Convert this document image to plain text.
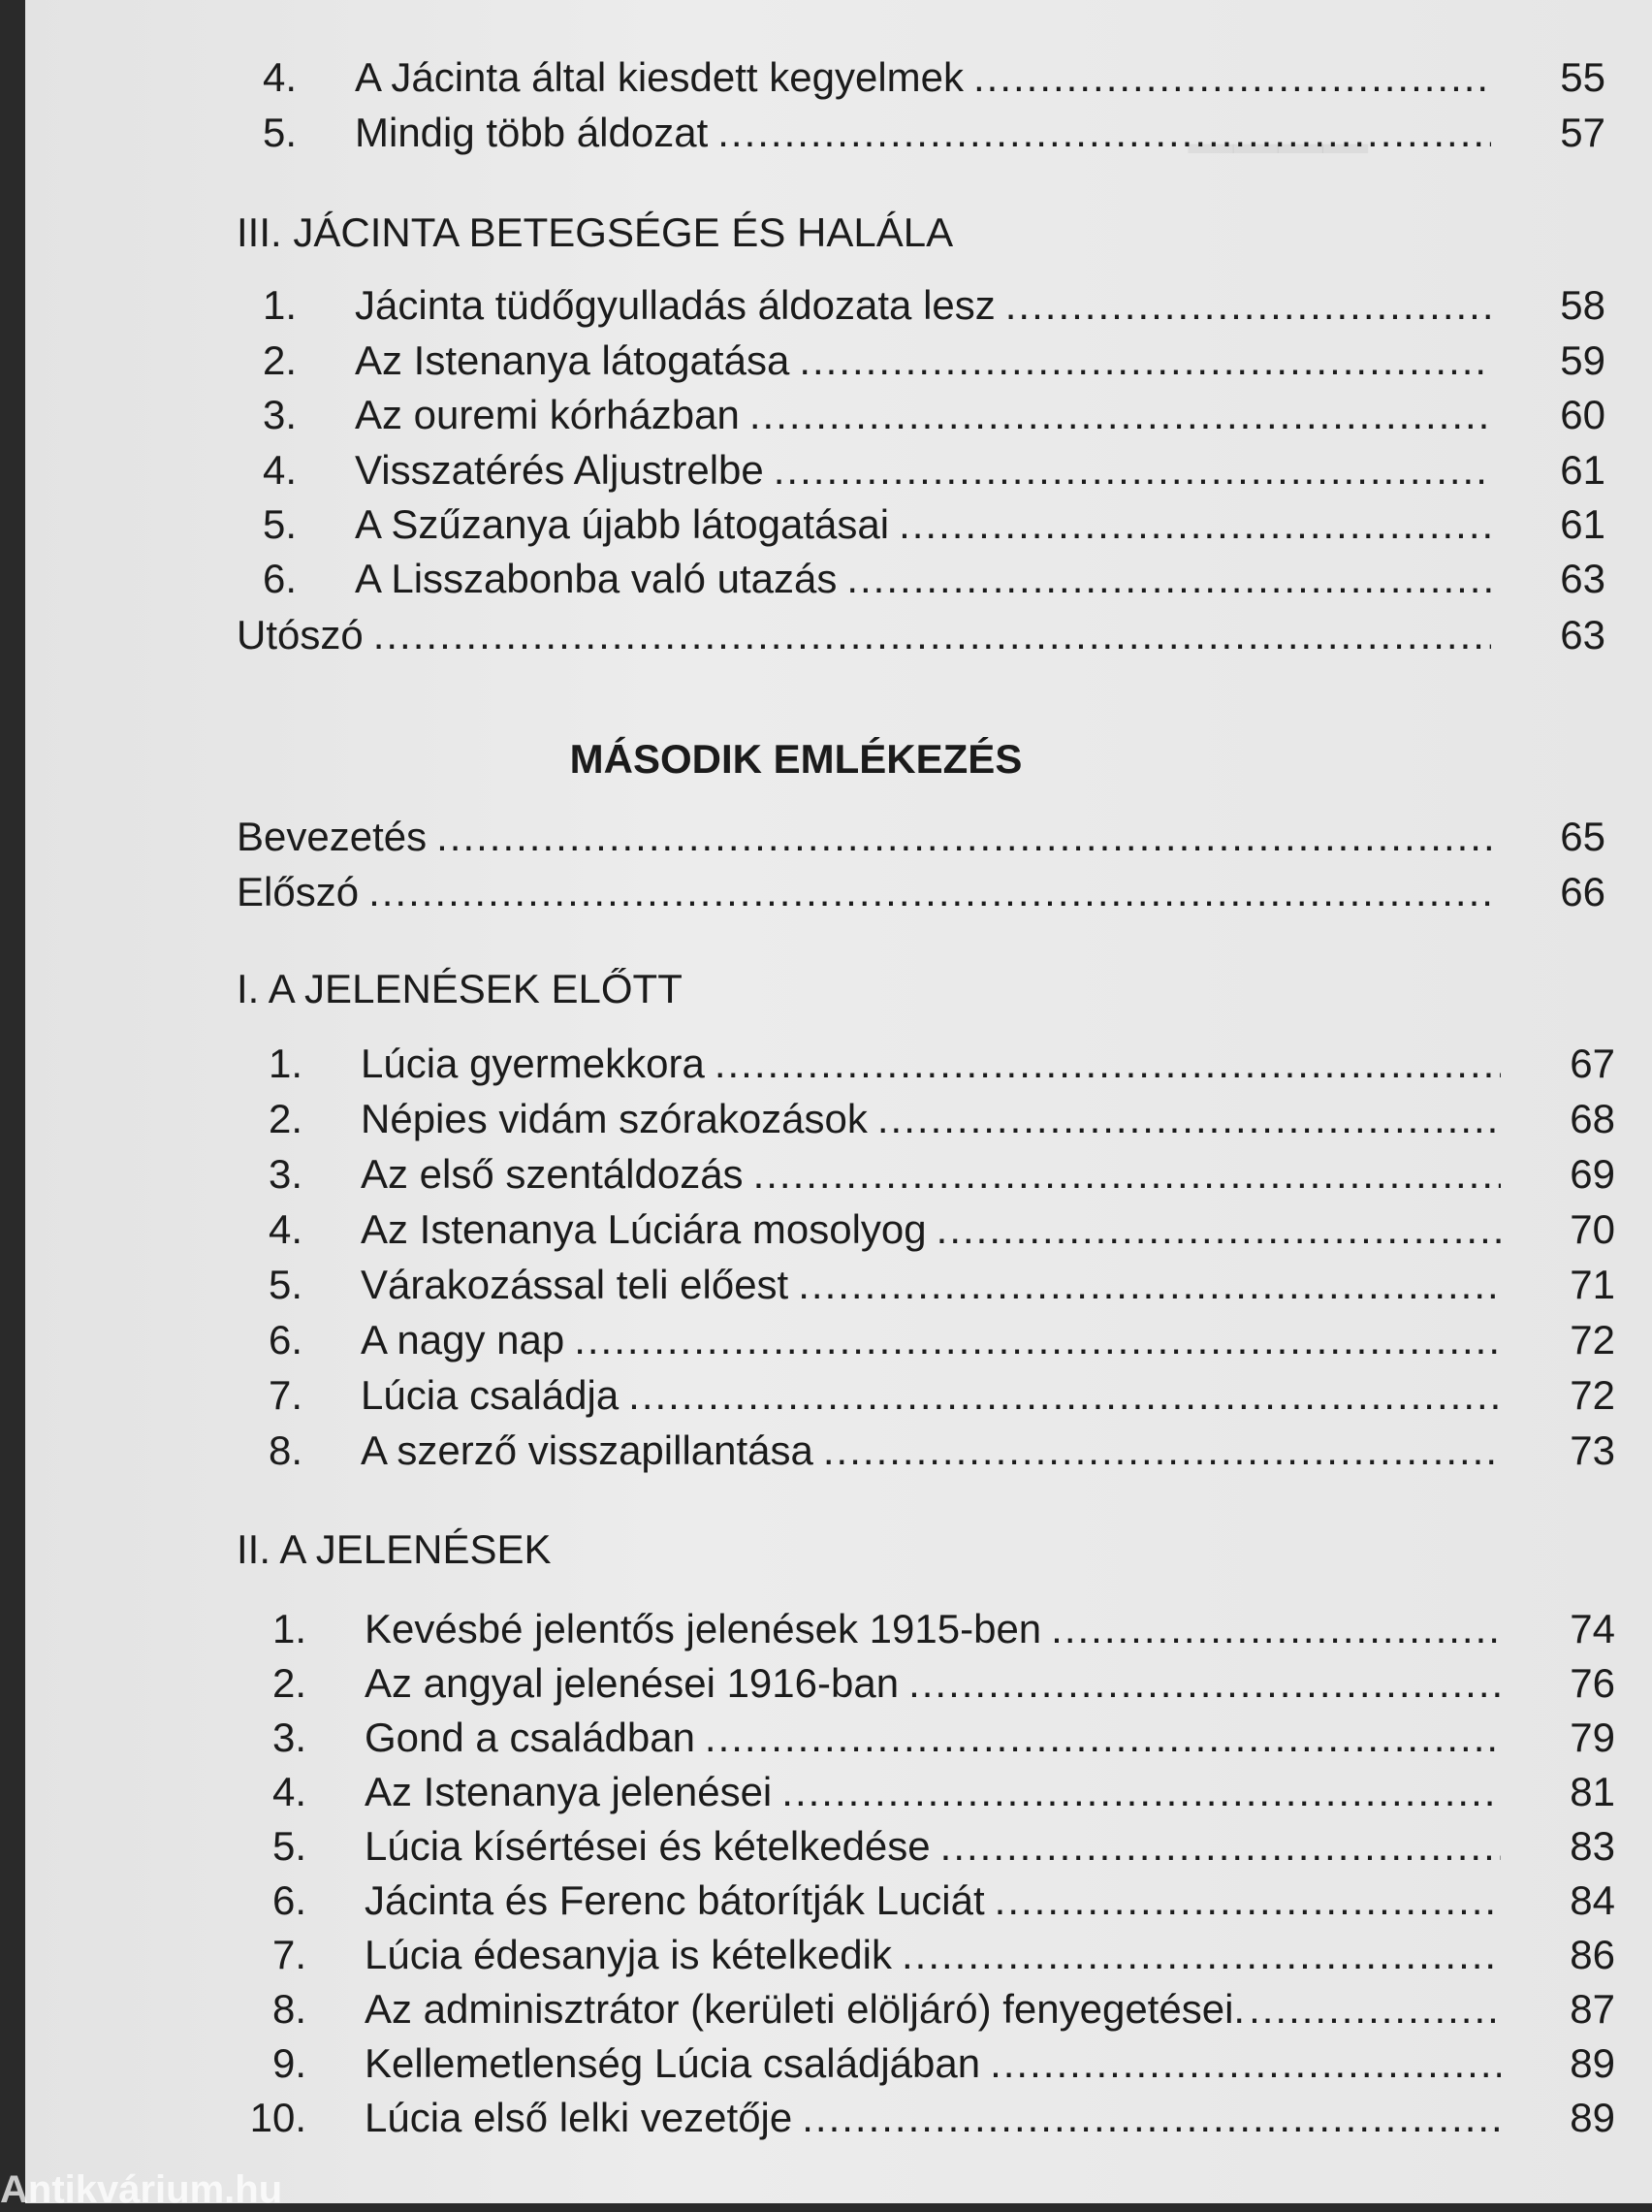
▔▔▔▔
4. A Jácinta által kiesdett kegyelmek .....	55
5. Mindig több áldozat .....	57
III. JÁCINTA BETEGSÉGE ÉS HALÁLA
1. Jácinta tüdőgyulladás áldozata lesz .....	58
2. Az Istenanya látogatása .....	59
3. Az ouremi kórházban .....	60
4. Visszatérés Aljustrelbe .....	61
5. A Szűzanya újabb látogatásai .....	61
6. A Lisszabonba való utazás .....	63
Utószó .....	63
MÁSODIK EMLÉKEZÉS
Bevezetés .....	65
Előszó .....	66
I. A JELENÉSEK ELŐTT
1. Lúcia gyermekkora .....	67
2. Népies vidám szórakozások .....	68
3. Az első szentáldozás .....	69
4. Az Istenanya Lúciára mosolyog .....	70
5. Várakozással teli előest .....	71
6. A nagy nap .....	72
7. Lúcia családja .....	72
8. A szerző visszapillantása .....	73
II. A JELENÉSEK
1. Kevésbé jelentős jelenések 1915-ben .....	74
2. Az angyal jelenései 1916-ban .....	76
3. Gond a családban .....	79
4. Az Istenanya jelenései .....	81
5. Lúcia kísértései és kételkedése .....	83
6. Jácinta és Ferenc bátorítják Luciát .....	84
7. Lúcia édesanyja is kételkedik .....	86
8. Az adminisztrátor (kerületi elöljáró) fenyegetései. .....	87
9. Kellemetlenség Lúcia családjában .....	89
10. Lúcia első lelki vezetője .....	89
Antikvárium.hu
